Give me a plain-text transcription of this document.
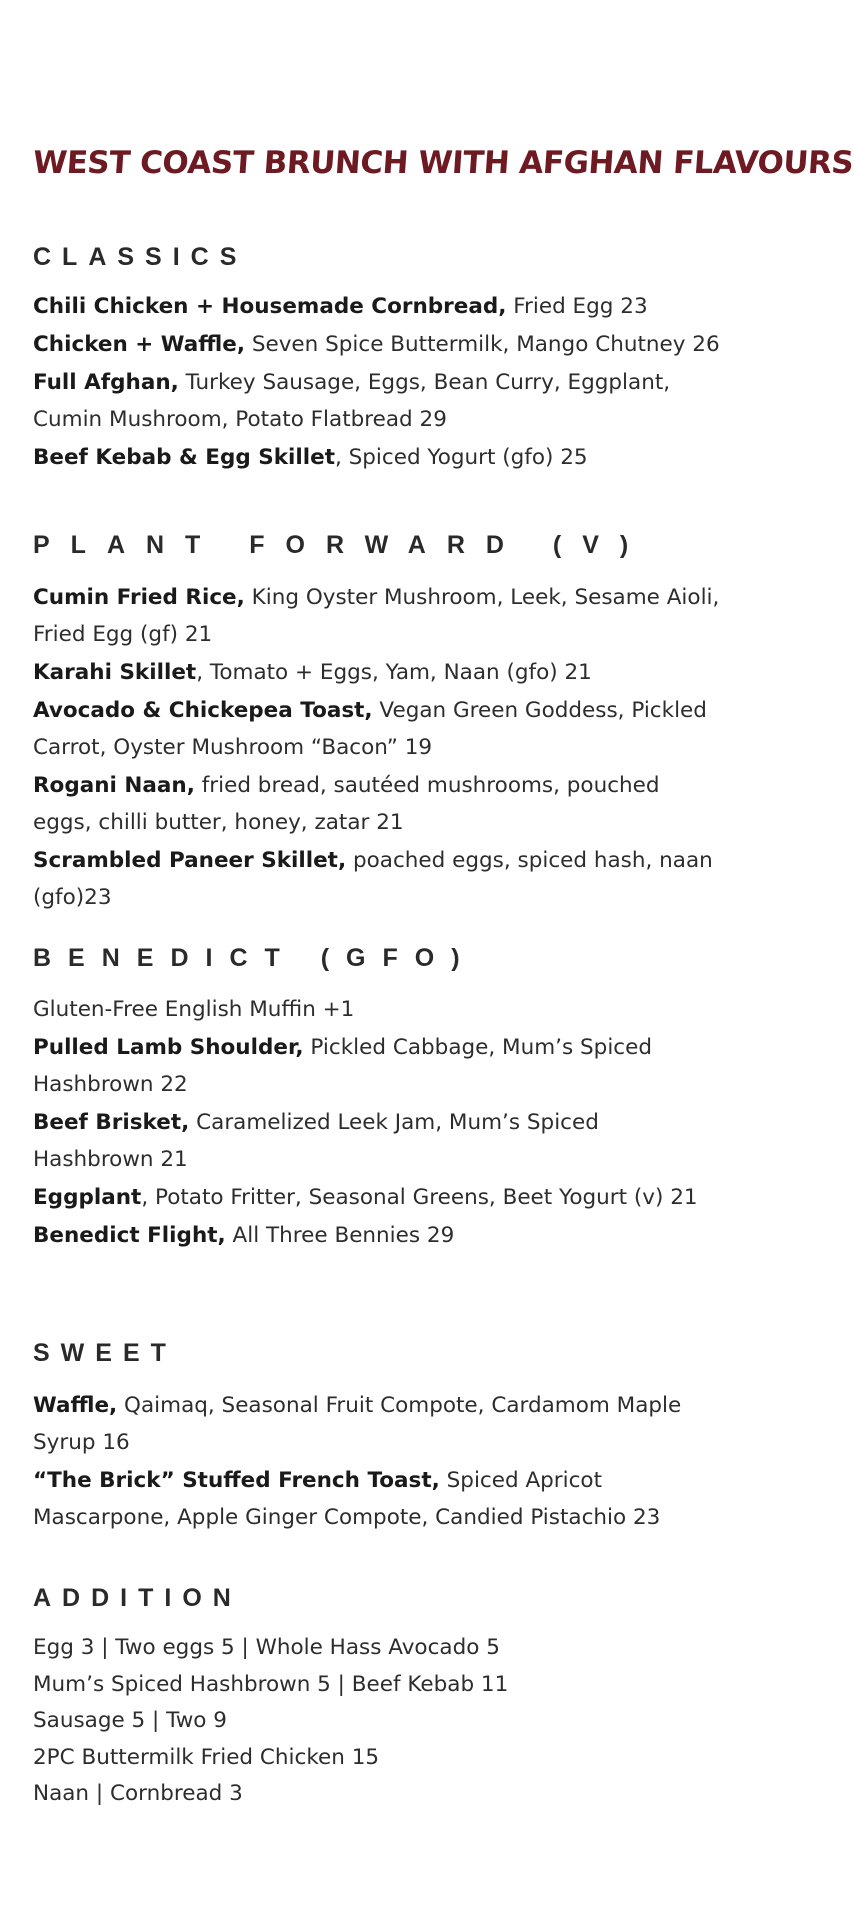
WEST COAST BRUNCH WITH AFGHAN FLAVOURS
CLASSICS

Chili Chicken + Housemade Cornbread, Fried Egg 23

Chicken + Waffle, Seven Spice Buttermilk, Mango Chutney 26

Full Afghan, Turkey Sausage, Eggs, Bean Curry, Eggplant, Cumin Mushroom, Potato Flatbread 29

Beef Kebab & Egg Skillet, Spiced Yogurt (gfo) 25

PLANT FORWARD (V)

Cumin Fried Rice, King Oyster Mushroom, Leek, Sesame Aioli, Fried Egg (gf) 21

Karahi Skillet, Tomato + Eggs, Yam, Naan (gfo) 21

Avocado & Chickepea Toast, Vegan Green Goddess, Pickled Carrot, Oyster Mushroom “Bacon” 19

Rogani Naan, fried bread, sautéed mushrooms, pouched eggs, chilli butter, honey, zatar 21

Scrambled Paneer Skillet, poached eggs, spiced hash, naan (gfo)23

BENEDICT (GFO)

Gluten-Free English Muffin +1

Pulled Lamb Shoulder, Pickled Cabbage, Mum’s Spiced Hashbrown 22

Beef Brisket, Caramelized Leek Jam, Mum’s Spiced Hashbrown 21

Eggplant, Potato Fritter, Seasonal Greens, Beet Yogurt (v) 21

Benedict Flight, All Three Bennies 29

SWEET

Waffle, Qaimaq, Seasonal Fruit Compote, Cardamom Maple Syrup 16

“The Brick” Stuffed French Toast, Spiced Apricot Mascarpone, Apple Ginger Compote, Candied Pistachio 23

ADDITION
Egg 3 | Two eggs 5 | Whole Hass Avocado 5
Mum’s Spiced Hashbrown 5 | Beef Kebab 11
Sausage 5 | Two 9
2PC Buttermilk Fried Chicken 15
Naan | Cornbread 3
